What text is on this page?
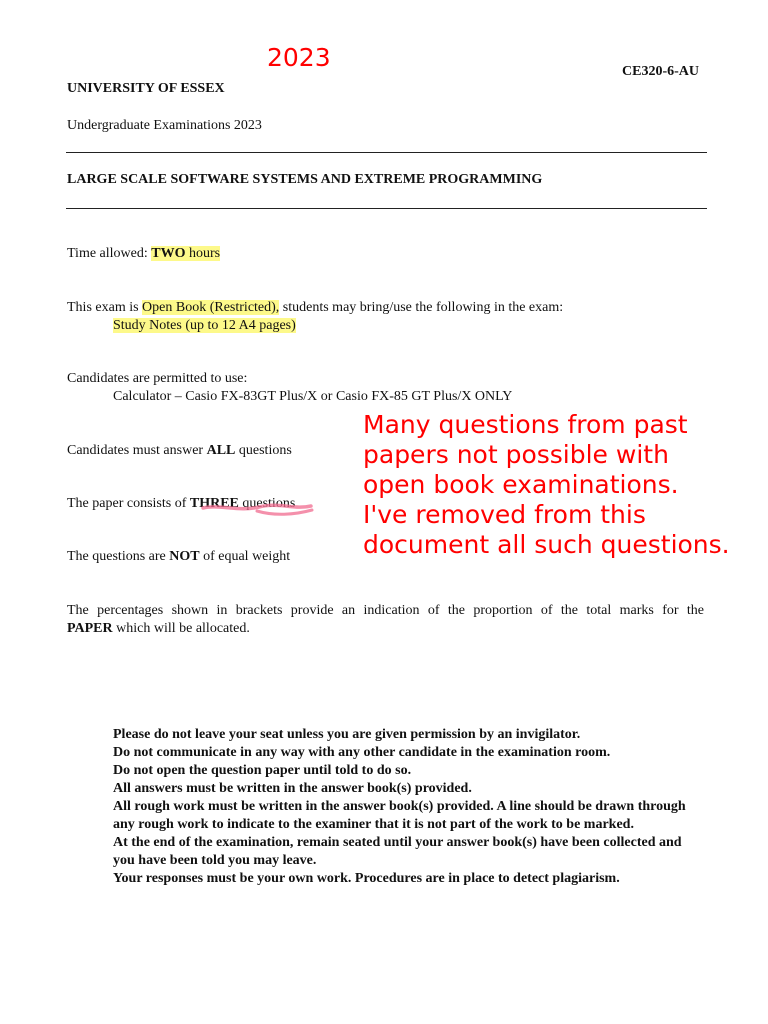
2023
Many questions from past
papers not possible with
open book examinations.
I've removed from this
document all such questions.
CE320-6-AU
UNIVERSITY OF ESSEX
Undergraduate Examinations 2023
LARGE SCALE SOFTWARE SYSTEMS AND EXTREME PROGRAMMING
Time allowed: TWO hours
This exam is Open Book (Restricted), students may bring/use the following in the exam:
Study Notes (up to 12 A4 pages)
Candidates are permitted to use:
Calculator – Casio FX-83GT Plus/X or Casio FX-85 GT Plus/X ONLY
Candidates must answer ALL questions
The paper consists of THREE questions
The questions are NOT of equal weight
The percentages shown in brackets provide an indication of the proportion of the total marks for the
PAPER which will be allocated.
Please do not leave your seat unless you are given permission by an invigilator.
Do not communicate in any way with any other candidate in the examination room.
Do not open the question paper until told to do so.
All answers must be written in the answer book(s) provided.
All rough work must be written in the answer book(s) provided. A line should be drawn through
any rough work to indicate to the examiner that it is not part of the work to be marked.
At the end of the examination, remain seated until your answer book(s) have been collected and
you have been told you may leave.
Your responses must be your own work. Procedures are in place to detect plagiarism.
